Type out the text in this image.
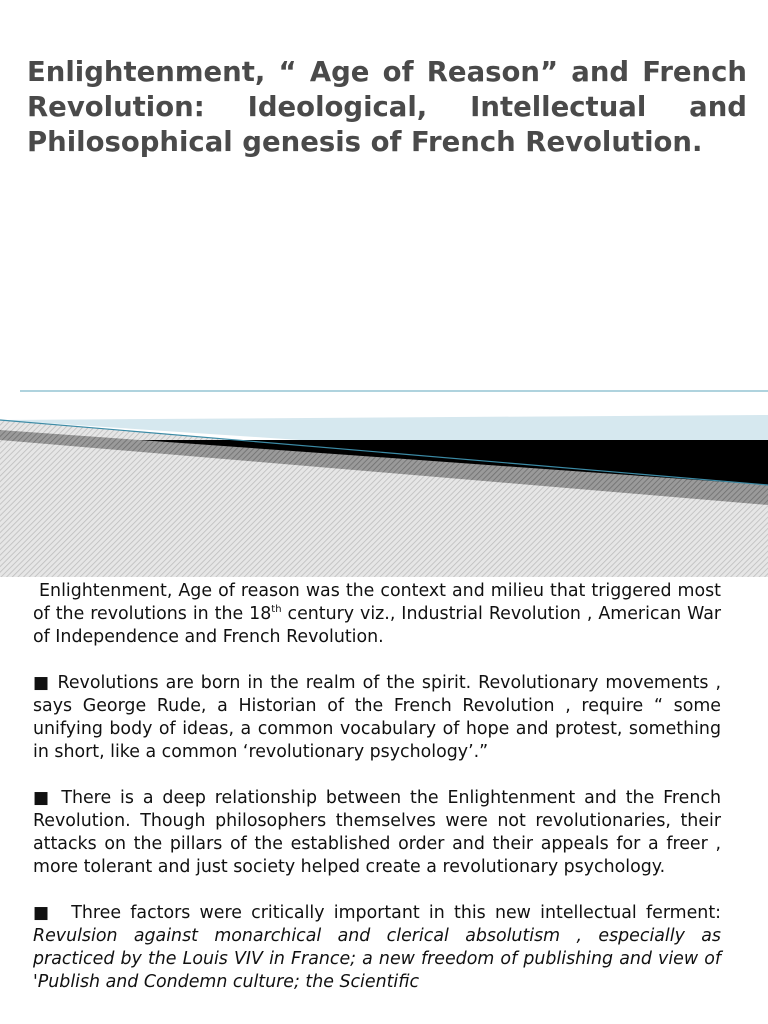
Enlightenment, “ Age of Reason” and French Revolution: Ideological, Intellectual and Philosophical genesis of French Revolution.

Enlightenment, Age of reason was the context and milieu that triggered most of the revolutions in the 18th century viz., Industrial Revolution , American War of Independence and French Revolution.

■ Revolutions are born in the realm of the spirit. Revolutionary movements , says George Rude, a Historian of the French Revolution , require “ some unifying body of ideas, a common vocabulary of hope and protest, something in short, like a common ‘revolutionary psychology’.”

■ There is a deep relationship between the Enlightenment and the French Revolution. Though philosophers themselves were not revolutionaries, their attacks on the pillars of the established order and their appeals for a freer , more tolerant and just society helped create a revolutionary psychology.

■  Three factors were critically important in this new intellectual ferment: Revulsion against monarchical and clerical absolutism , especially as practiced by the Louis VIV in France; a new freedom of publishing and view of 'Publish and Condemn culture; the Scientific
